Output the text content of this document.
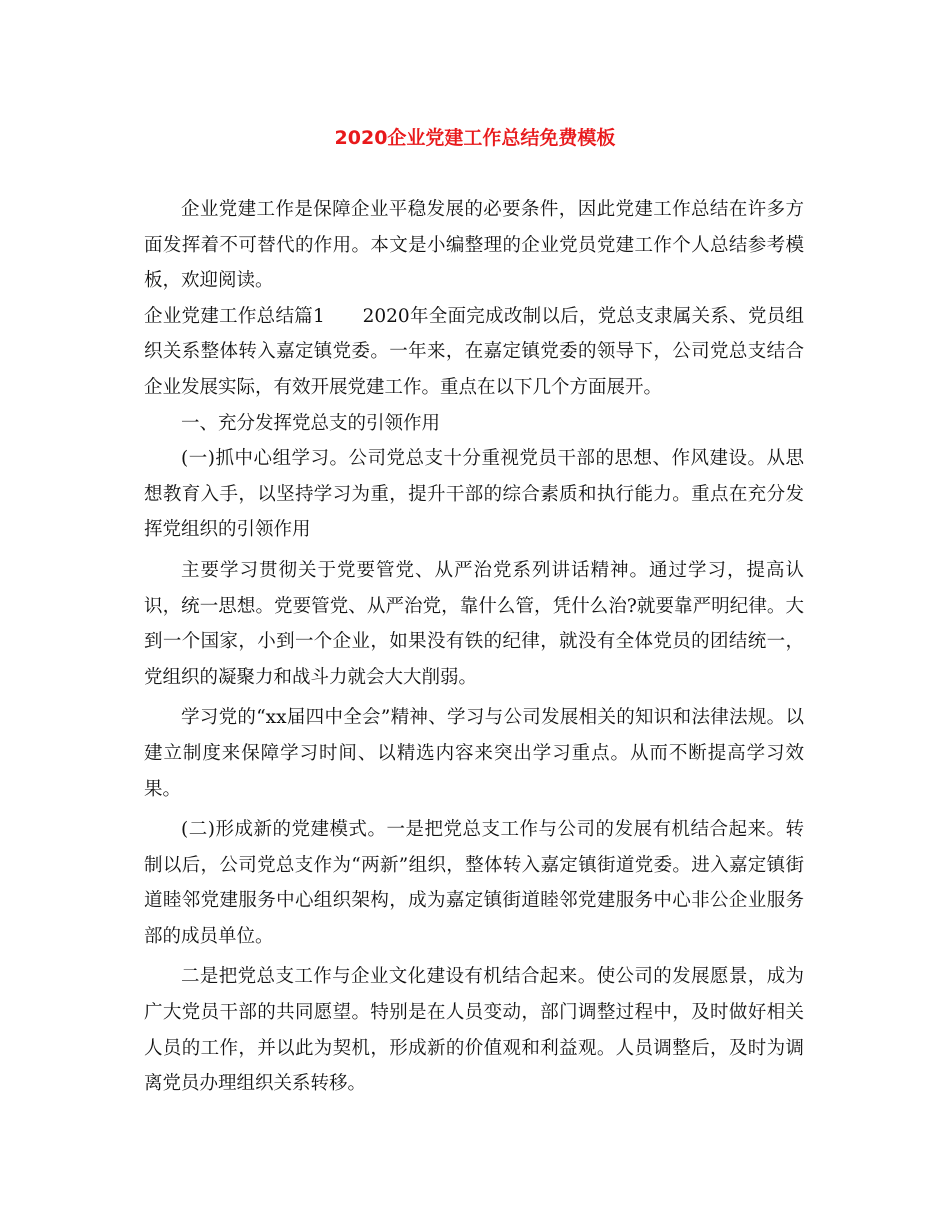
2020企业党建工作总结免费模板

企业党建工作是保障企业平稳发展的必要条件，因此党建工作总结在许多方面发挥着不可替代的作用。本文是小编整理的企业党员党建工作个人总结参考模板，欢迎阅读。

企业党建工作总结篇1　　2020年全面完成改制以后，党总支隶属关系、党员组织关系整体转入嘉定镇党委。一年来，在嘉定镇党委的领导下，公司党总支结合企业发展实际，有效开展党建工作。重点在以下几个方面展开。

一、充分发挥党总支的引领作用

(一)抓中心组学习。公司党总支十分重视党员干部的思想、作风建设。从思想教育入手，以坚持学习为重，提升干部的综合素质和执行能力。重点在充分发挥党组织的引领作用

主要学习贯彻关于党要管党、从严治党系列讲话精神。通过学习，提高认识，统一思想。党要管党、从严治党，靠什么管，凭什么治?就要靠严明纪律。大到一个国家，小到一个企业，如果没有铁的纪律，就没有全体党员的团结统一，党组织的凝聚力和战斗力就会大大削弱。

学习党的“xx届四中全会”精神、学习与公司发展相关的知识和法律法规。以建立制度来保障学习时间、以精选内容来突出学习重点。从而不断提高学习效果。

(二)形成新的党建模式。一是把党总支工作与公司的发展有机结合起来。转制以后，公司党总支作为“两新”组织，整体转入嘉定镇街道党委。进入嘉定镇街道睦邻党建服务中心组织架构，成为嘉定镇街道睦邻党建服务中心非公企业服务部的成员单位。

二是把党总支工作与企业文化建设有机结合起来。使公司的发展愿景，成为广大党员干部的共同愿望。特别是在人员变动，部门调整过程中，及时做好相关人员的工作，并以此为契机，形成新的价值观和利益观。人员调整后，及时为调离党员办理组织关系转移。
